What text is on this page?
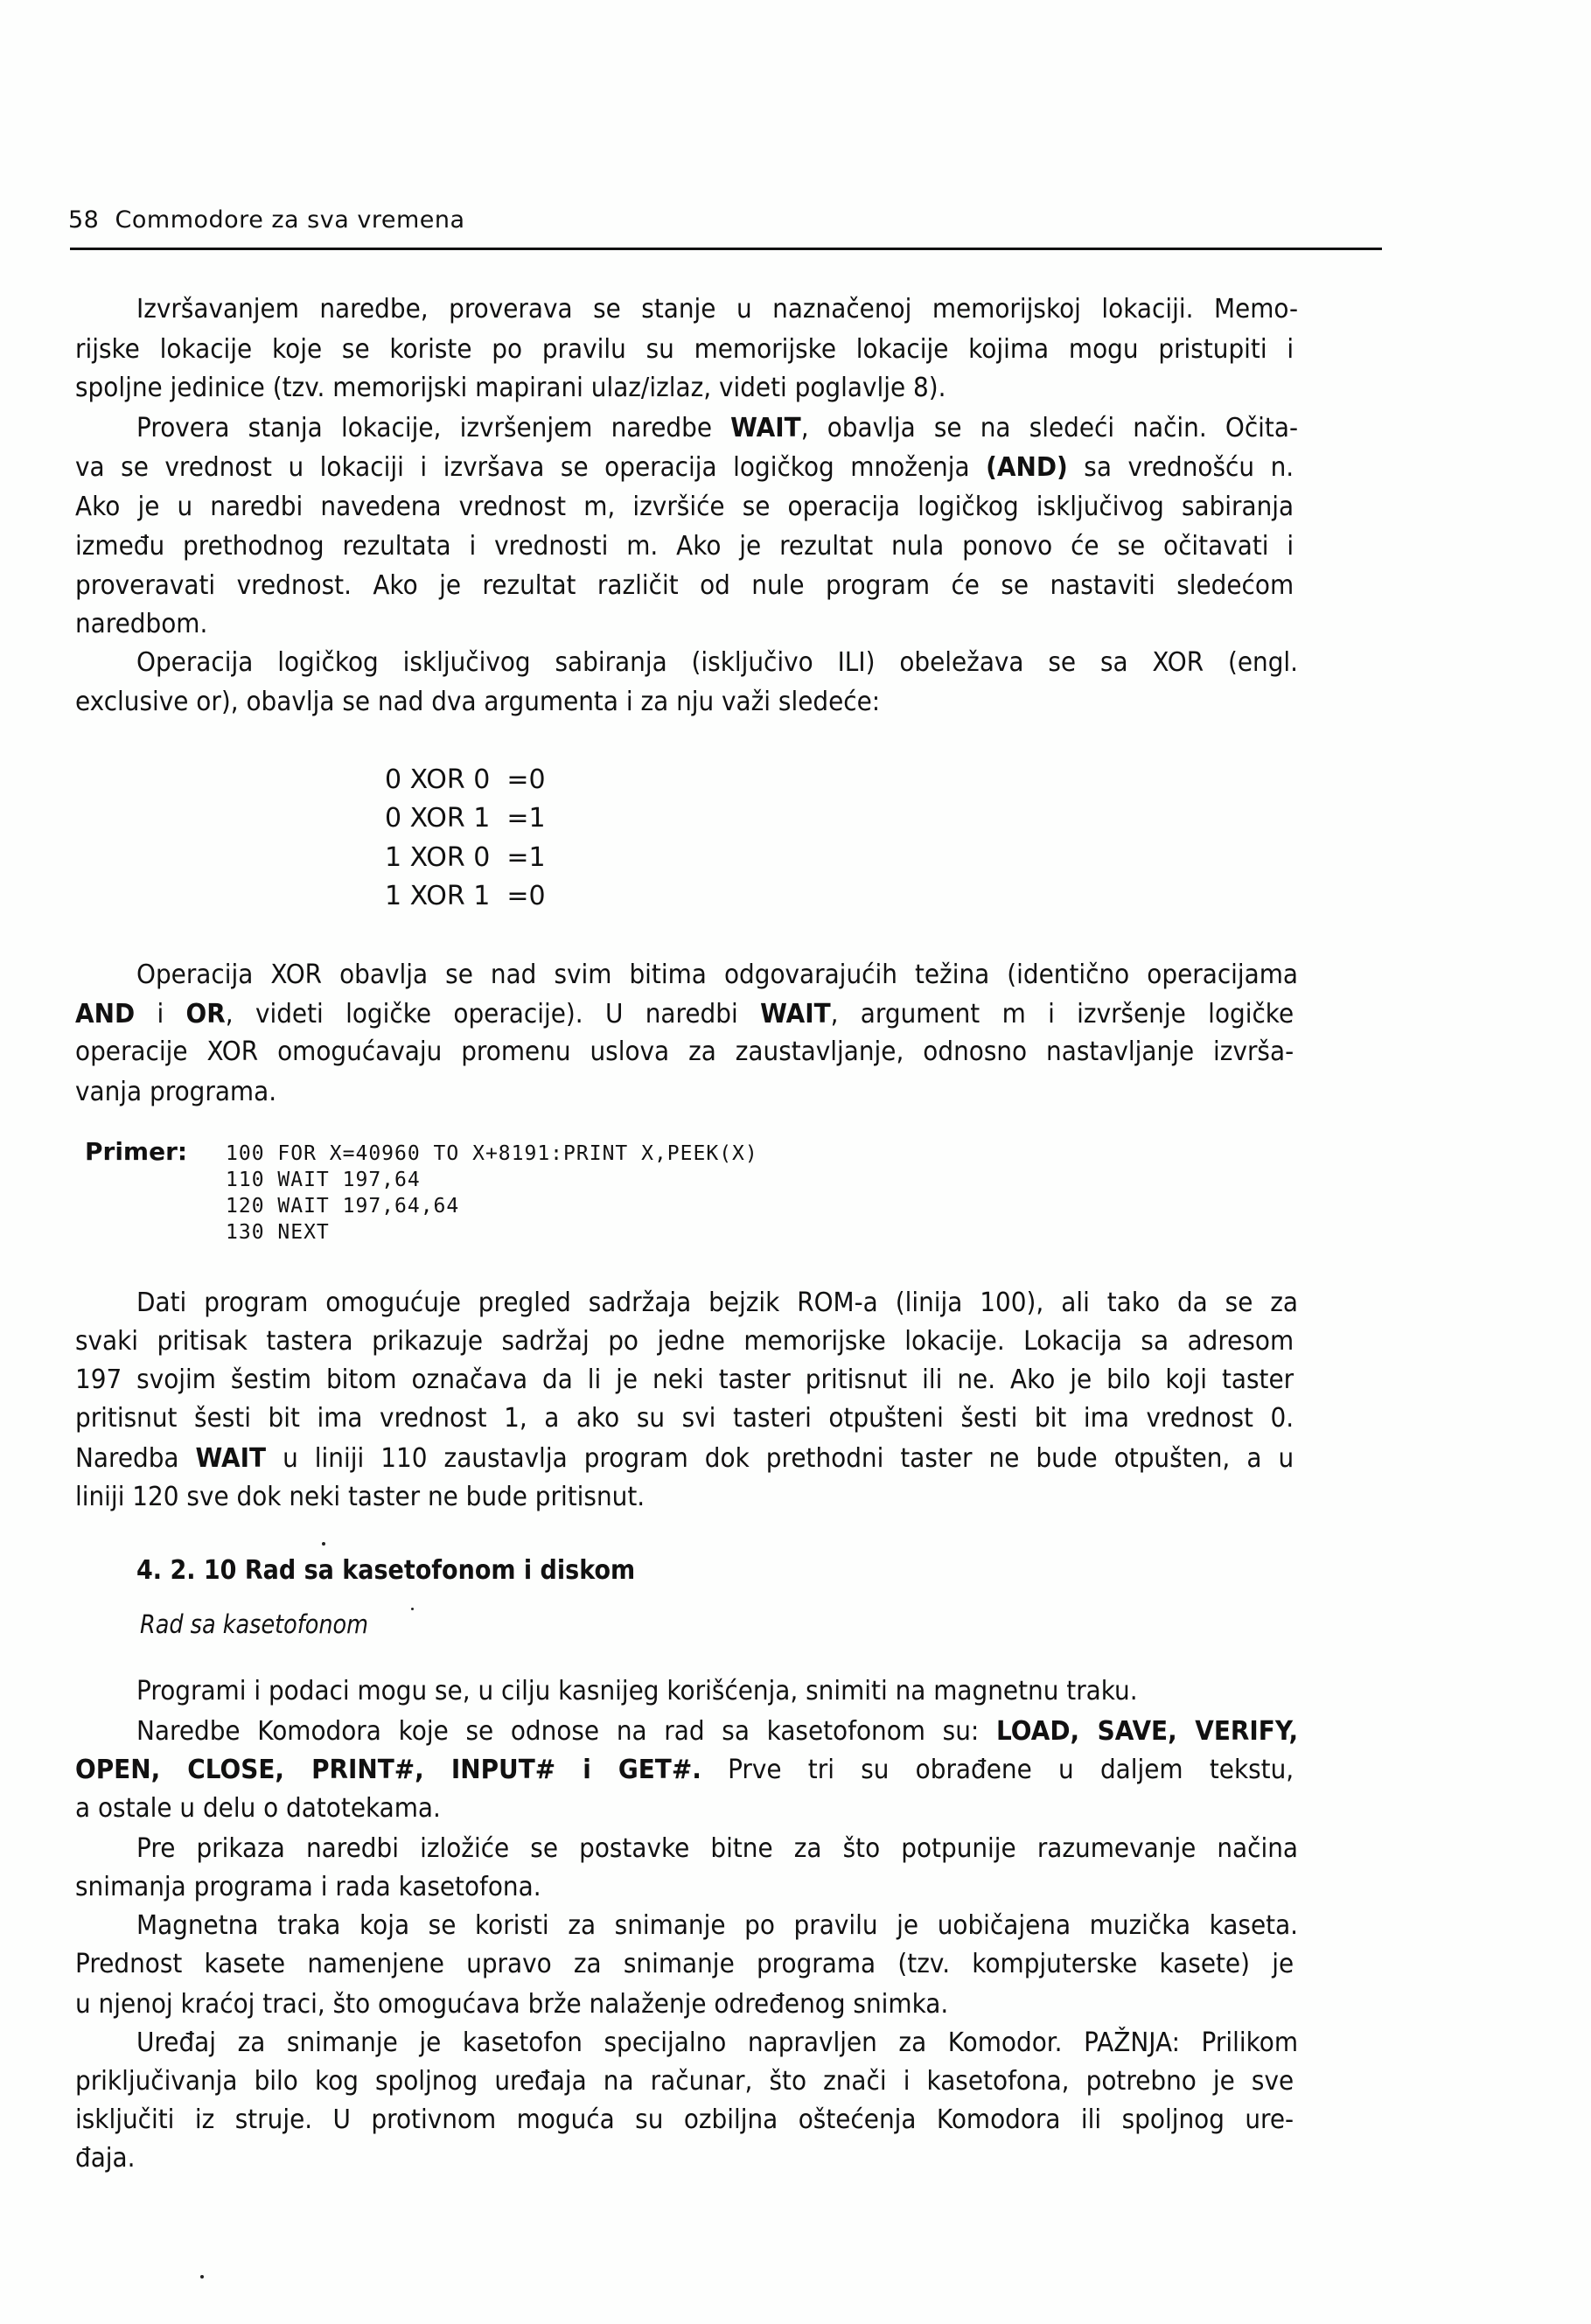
58 Commodore za sva vremena
Izvršavanjem naredbe, proverava se stanje u naznačenoj memorijskoj lokaciji. Memo-
rijske lokacije koje se koriste po pravilu su memorijske lokacije kojima mogu pristupiti i
spoljne jedinice (tzv. memorijski mapirani ulaz/izlaz, videti poglavlje 8).
Provera stanja lokacije, izvršenjem naredbe WAIT, obavlja se na sledeći način. Očita-
va se vrednost u lokaciji i izvršava se operacija logičkog množenja (AND) sa vrednošću n.
Ako je u naredbi navedena vrednost m, izvršiće se operacija logičkog isključivog sabiranja
između prethodnog rezultata i vrednosti m. Ako je rezultat nula ponovo će se očitavati i
proveravati vrednost. Ako je rezultat različit od nule program će se nastaviti sledećom
naredbom.
Operacija logičkog isključivog sabiranja (isključivo ILI) obeležava se sa XOR (engl.
exclusive or), obavlja se nad dva argumenta i za nju važi sledeće:
0 XOR 0  =0
0 XOR 1  =1
1 XOR 0  =1
1 XOR 1  =0
Operacija XOR obavlja se nad svim bitima odgovarajućih težina (identično operacijama
AND i OR, videti logičke operacije). U naredbi WAIT, argument m i izvršenje logičke
operacije XOR omogućavaju promenu uslova za zaustavljanje, odnosno nastavljanje izvrša-
vanja programa.
Primer: 100 FOR X=40960 TO X+8191:PRINT X,PEEK(X)
110 WAIT 197,64
120 WAIT 197,64,64
130 NEXT
Dati program omogućuje pregled sadržaja bejzik ROM-a (linija 100), ali tako da se za
svaki pritisak tastera prikazuje sadržaj po jedne memorijske lokacije. Lokacija sa adresom
197 svojim šestim bitom označava da li je neki taster pritisnut ili ne. Ako je bilo koji taster
pritisnut šesti bit ima vrednost 1, a ako su svi tasteri otpušteni šesti bit ima vrednost 0.
Naredba WAIT u liniji 110 zaustavlja program dok prethodni taster ne bude otpušten, a u
liniji 120 sve dok neki taster ne bude pritisnut.
4. 2. 10 Rad sa kasetofonom i diskom
Rad sa kasetofonom
Programi i podaci mogu se, u cilju kasnijeg korišćenja, snimiti na magnetnu traku.
Naredbe Komodora koje se odnose na rad sa kasetofonom su: LOAD, SAVE, VERIFY,
OPEN, CLOSE, PRINT#, INPUT# i GET#. Prve tri su obrađene u daljem tekstu,
a ostale u delu o datotekama.
Pre prikaza naredbi izložiće se postavke bitne za što potpunije razumevanje načina
snimanja programa i rada kasetofona.
Magnetna traka koja se koristi za snimanje po pravilu je uobičajena muzička kaseta.
Prednost kasete namenjene upravo za snimanje programa (tzv. kompjuterske kasete) je
u njenoj kraćoj traci, što omogućava brže nalaženje određenog snimka.
Uređaj za snimanje je kasetofon specijalno napravljen za Komodor. PAŽNJA: Prilikom
priključivanja bilo kog spoljnog uređaja na računar, što znači i kasetofona, potrebno je sve
isključiti iz struje. U protivnom moguća su ozbiljna oštećenja Komodora ili spoljnog ure-
đaja.
